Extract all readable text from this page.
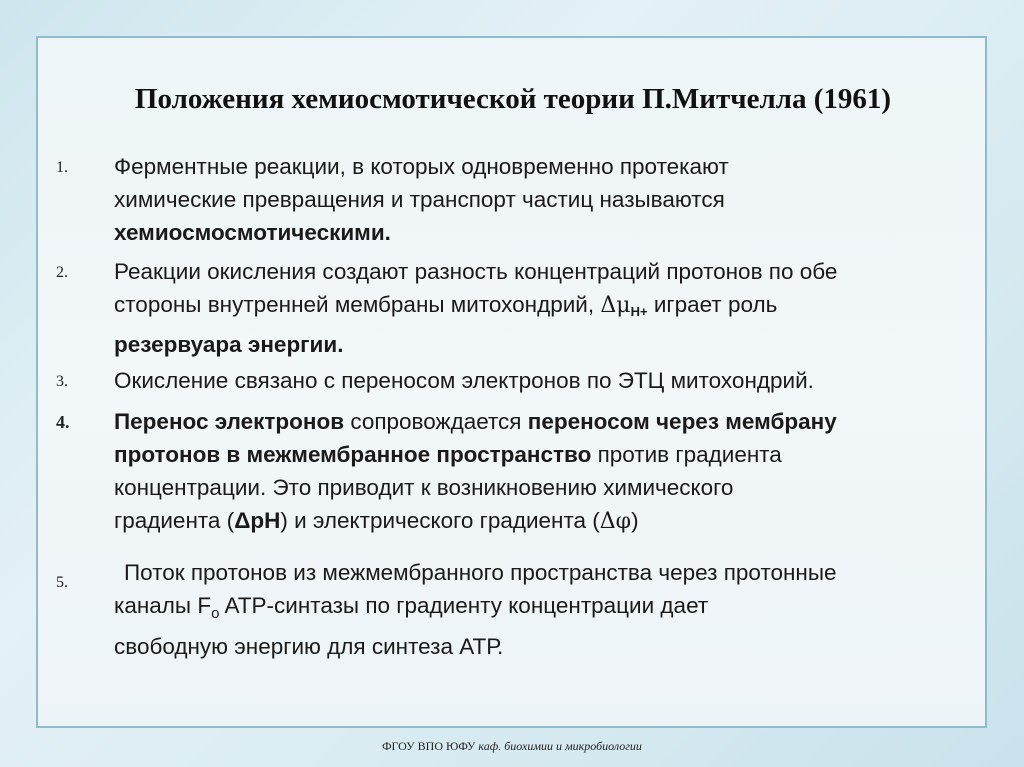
Положения хемиосмотической теории П.Митчелла (1961)
1. Ферментные реакции, в которых одновременно протекают
химические превращения и транспорт частиц называются
хемиосмосмотическими.
2. Реакции окисления создают разность концентраций протонов по обе
стороны внутренней мембраны митохондрий, $\Delta\mu_{H+}$ играет роль
резервуара энергии.
3. Окисление связано с переносом электронов по ЭТЦ митохондрий.
4. Перенос электронов сопровождается переносом через мембрану
протонов в межмембранное пространство против градиента
концентрации. Это приводит к возникновению химического
градиента (ΔрН) и электрического градиента (Δφ)
5. Поток протонов из межмембранного пространства через протонные
каналы $F_o$ ATP-синтазы по градиенту концентрации дает
свободную энергию для синтеза АТР.
ФГОУ ВПО ЮФУ каф. биохимии и микробиологии
